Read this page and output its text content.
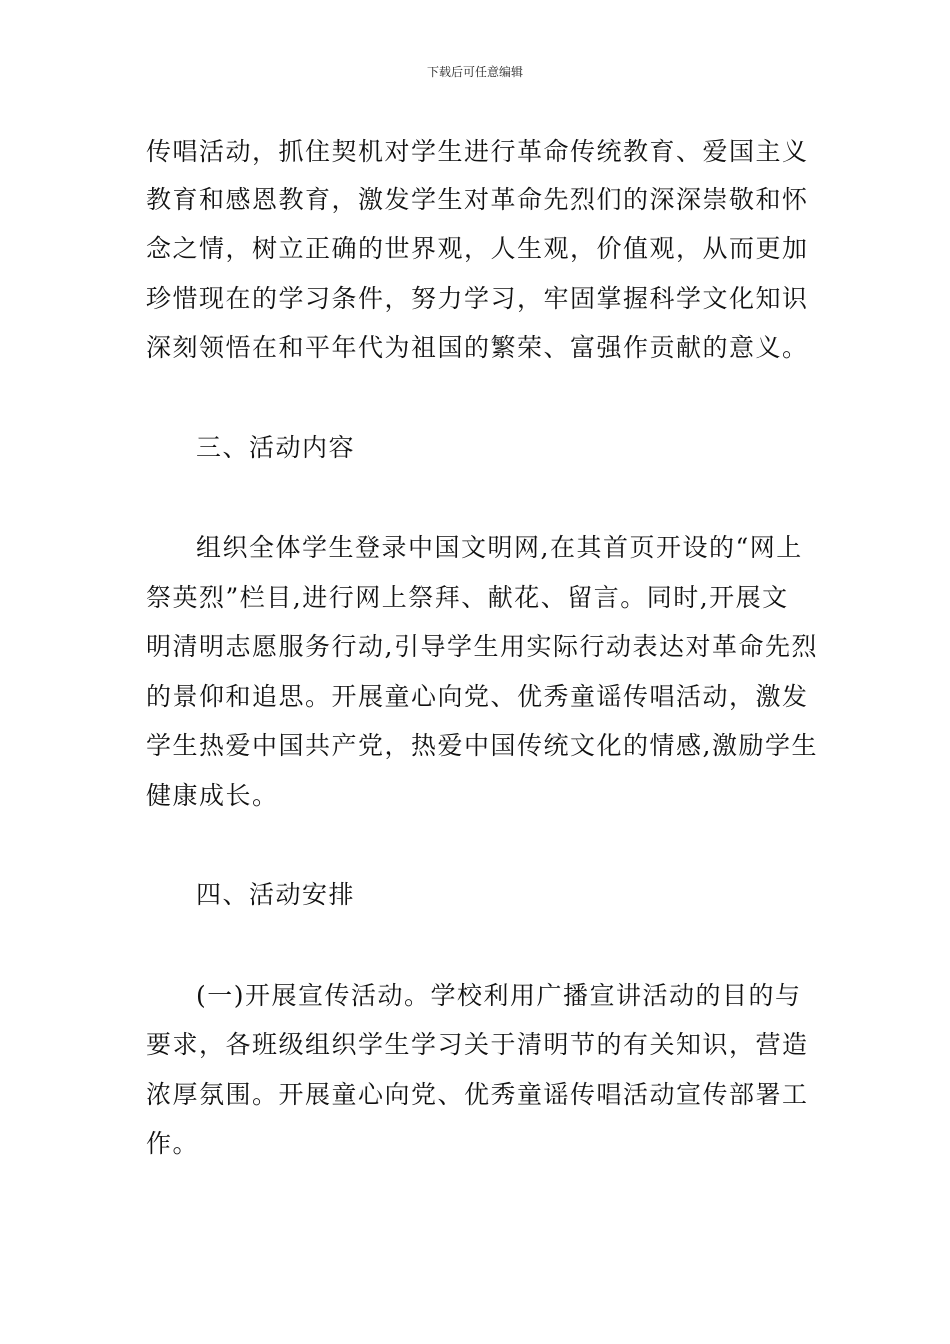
下载后可任意编辑
传唱活动，抓住契机对学生进行革命传统教育、爱国主义
教育和感恩教育，激发学生对革命先烈们的深深崇敬和怀
念之情，树立正确的世界观，人生观，价值观，从而更加
珍惜现在的学习条件，努力学习，牢固掌握科学文化知识
深刻领悟在和平年代为祖国的繁荣、富强作贡献的意义。
三、活动内容
组织全体学生登录中国文明网,在其首页开设的“网上
祭英烈”栏目,进行网上祭拜、献花、留言。同时,开展文
明清明志愿服务行动,引导学生用实际行动表达对革命先烈
的景仰和追思。开展童心向党、优秀童谣传唱活动，激发
学生热爱中国共产党，热爱中国传统文化的情感,激励学生
健康成长。
四、活动安排
(一)开展宣传活动。学校利用广播宣讲活动的目的与
要求，各班级组织学生学习关于清明节的有关知识，营造
浓厚氛围。开展童心向党、优秀童谣传唱活动宣传部署工
作。
